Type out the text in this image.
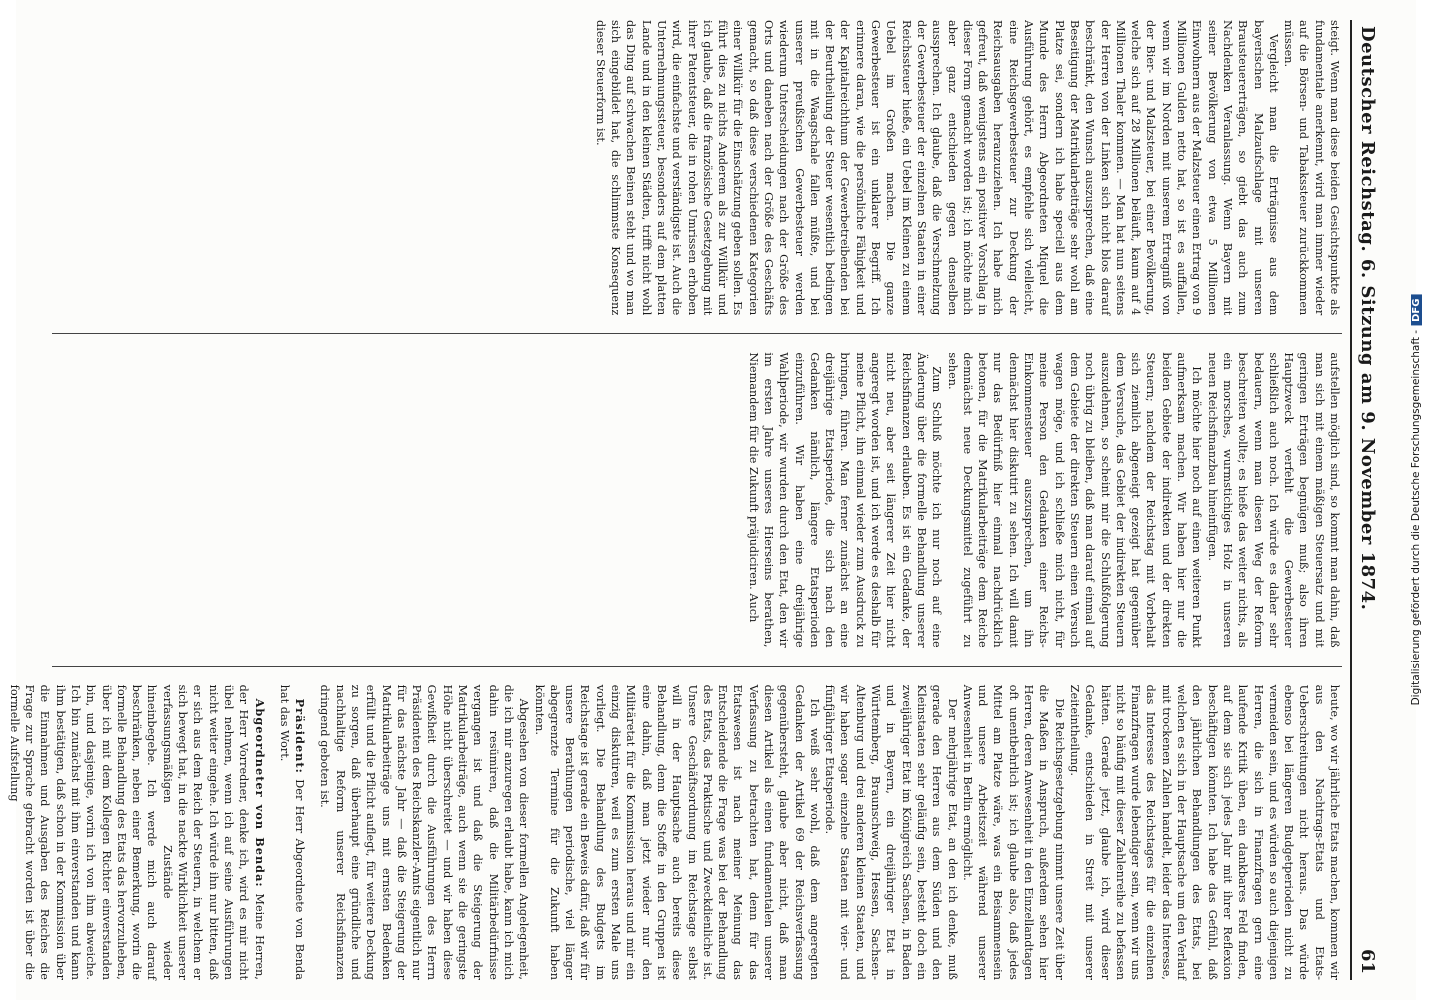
Deutscher Reichstag. 6. Sitzung am 9. November 1874.
61

steigt. Wenn man diese beiden Gesichtspunkte als fundamentale anerkennt, wird man immer wieder auf die Börsen- und Tabakssteuer zurückkommen müssen.

Vergleicht man die Erträgnisse aus dem bayerischen Malzaufschlage mit unseren Brausteuererträgen, so giebt das auch zum Nachdenken Veranlassung. Wenn Bayern mit seiner Bevölkerung von etwa 5 Millionen Einwohnern aus der Malzsteuer einen Ertrag von 9 Millionen Gulden netto hat, so ist es auffallen, wenn wir im Norden mit unserem Ertragniß von der Bier- und Malzsteuer, bei einer Bevölkerung, welche sich auf 28 Millionen beläuft, kaum auf 4 Millionen Thaler kommen. — Man hat nun seitens der Herren von der Linken sich nicht blos darauf beschränkt, den Wunsch auszusprechen, daß eine Beseitigung der Matrikularbeiträge sehr wohl am Platze sei, sondern ich habe speciell aus dem Munde des Herrn Abgeordneten Miquel die Ausführung gehört, es empfehle sich vielleicht, eine Reichsgewerbesteuer zur Deckung der Reichsausgaben heranzuziehen. Ich habe mich gefreut, daß wenigstens ein positiver Vorschlag in dieser Form gemacht worden ist; ich möchte mich aber ganz entschieden gegen denselben aussprechen. Ich glaube, daß die Verschmelzung der Gewerbesteuer der einzelnen Staaten in einer Reichssteuer hieße, ein Uebel im Kleinen zu einem Uebel im Großen machen. Die ganze Gewerbesteuer ist ein unklarer Begriff. Ich erinnere daran, wie die persönliche Fähigkeit und der Kapitalreichthum der Gewerbetreibenden bei der Beurtheilung der Steuer wesentlich bedingen mit in die Waagschale fallen müßte, und bei unserer preußischen Gewerbesteuer werden wiederum Unterscheidungen nach der Größe des Orts und daneben nach der Größe des Geschäfts gemacht, so daß diese verschiedenen Kategorien einer Willkür für die Einschätzung geben sollen. Es führt dies zu nichts Anderem als zur Willkür und ich glaube, daß die französische Gesetzgebung mit ihrer Patentsteuer, die in rohen Umrissen erhoben wird, die einfachste und verständigste ist. Auch die Unternehmungssteuer, besonders auf dem platten Lande und in den kleinen Städten, trifft nicht wohl das Ding auf schwachen Beinen steht und wo man sich eingebildet hat, die schlimmste Konsequenz dieser Steuerform ist.

aufstellen möglich sind, so kommt man dahin, daß man sich mit einem mäßigen Steuersatz und mit geringen Erträgen begnügen muß; also ihren Hauptzweck verfehlt die Gewerbesteuer schließlich auch noch. Ich würde es daher sehr bedauern, wenn man diesen Weg der Reform beschreiten wollte; es hieße das weiter nichts, als ein morsches, wurmstichiges Holz in unseren neuen Reichsfinanzbau hineinfügen.

Ich möchte hier noch auf einen weiteren Punkt aufmerksam machen. Wir haben hier nur die beiden Gebiete der indirekten und der direkten Steuern; nachdem der Reichstag mit Vorbehalt sich ziemlich abgeneigt gezeigt hat gegenüber dem Versuche, das Gebiet der indirekten Steuern auszudehnen, so scheint mir die Schlußfolgerung noch übrig zu bleiben, daß man darauf einmal auf dem Gebiete der direkten Steuern einen Versuch wagen möge, und ich schließe mich nicht, für meine Person den Gedanken einer Reichs-Einkommensteuer auszusprechen, um ihn dennächst hier diskutirt zu sehen. Ich will damit nur das Bedürfniß hier einmal nachdrücklich betonen, für die Matrikularbeiträge dem Reiche demnächst neue Deckungsmittel zugeführt zu sehen.

Zum Schluß möchte ich nur noch auf eine Änderung über die formelle Behandlung unserer Reichsfinanzen erlauben. Es ist ein Gedanke, der nicht neu, aber seit längerer Zeit hier nicht angeregt worden ist, und ich werde es deshalb für meine Pflicht, ihn einmal wieder zum Ausdruck zu bringen, führen. Man ferner zunächst an eine dreijährige Etatsperiode, die sich nach den Gedanken nämlich, längere Etatsperioden einzuführen. Wir haben eine dreijährige Wahlperiode, wir wurden durch den Etat, den wir im ersten Jahre unseres Hierseins berathen, Niemandem für die Zukunft präjudiciren. Auch

heute, wo wir jährliche Etats machen, kommen wir aus den Nachtrags-Etats und Etats-Ueberschreitungen nicht heraus. Das würde ebenso bei längeren Budgetperioden nicht zu vermeiden sein, und es würden so auch diejenigen Herren, die sich in Finanzfragen gern eine laufende Kritik üben, ein dankbares Feld finden, auf dem sie sich jedes Jahr mit ihrer Reflexion beschäftigen könnten. Ich habe das Gefühl, daß den jährlichen Behandlungen des Etats, bei welchen es sich in der Hauptsache um den Verlauf mit trockenen Zahlen handelt, leider das Interesse, das Interesse des Reichstages für die einzelnen Finanzfragen wurde lebendiger sein, wenn wir uns nicht so häufig mit dieser Zahlenreihe zu befassen hätten. Gerade jetzt, glaube ich, wird dieser Gedanke, entschieden in Streit mit unserer Zeiteintheilung.

Die Reichsgesetzgebung nimmt unsere Zeit über die Maßen in Anspruch, außerdem sehen hier Herren, deren Anwesenheit in den Einzellandtagen oft unentbehrlich ist; ich glaube also, daß jedes Mittel am Platze wäre, was ein Beisammensein und unsere Arbeitszeit während unserer Anwesenheit in Berlin ermöglicht.

Der mehrjährige Etat, an den ich denke, muß gerade den Herren aus dem Süden und den Kleinstaaten sehr geläufig sein, besteht doch ein zweijähriger Etat im Königreich Sachsen, in Baden und in Bayern, ein dreijähriger Etat in Württemberg, Braunschweig, Hessen, Sachsen-Altenburg und drei anderen kleinen Staaten, und wir haben sogar einzelne Staaten mit vier- und fünfjähriger Etatsperiode.

Ich weiß sehr wohl, daß dem angeregten Gedanken der Artikel 69 der Reichsverfassung gegenübersteht, glaube aber nicht, daß man diesen Artikel als einen fundamentalen unserer Verfassung zu betrachten hat, denn für das Etatswesen ist nach meiner Meinung das Entscheidende die Frage was bei der Behandlung des Etats, das Praktische und Zweckdienliche ist. Unsere Geschäftsordnung im Reichstage selbst will in der Hauptsache auch bereits diese Behandlung, denn die Stoffe in den Gruppen ist eine dahin, daß man jetzt wieder nur den Militäretat für die Kommission heraus und mir ein einzig diskutiren, weil es zum ersten Male uns vorliegt. Die Behandlung des Budgets im Reichstage ist gerade ein Beweis dafür, daß wir für unsere Berathungen periodische, viel länger abgegrenzte Termine für die Zukunft haben könnten.

Abgesehen von dieser formellen Angelegenheit, die ich mir anzuregen erlaubt habe, kann ich mich dahin resümiren, daß die Militärbedürfnisse vergangen ist und daß die Steigerung der Matrikularbeiträge, auch wenn sie die geringste Höhe nicht überschreitet — und wir haben diese Gewißheit durch die Ausführungen des Herrn Präsidenten des Reichskanzler-Amts eigentlich nur für das nächste Jahr — daß die Steigerung der Matrikularbeiträge uns mit ernsten Bedenken erfüllt und die Pflicht auflegt, für weitere Deckung zu sorgen, daß überhaupt eine gründliche und nachhaltige Reform unserer Reichsfinanzen dringend geboten ist.

Präsident: Der Herr Abgeordnete von Benda hat das Wort.

Abgeordneter von Benda: Meine Herren, der Herr Vorredner, denke ich, wird es mir nicht übel nehmen, wenn ich auf seine Ausführungen nicht weiter eingehe. Ich würde ihn nur bitten, daß er sich aus dem Reich der Steuern, in welchem er sich bewegt hat, in die nackte Wirklichkeit unserer verfassungsmäßigen Zustände wieder hineinbegebe. Ich werde mich auch darauf beschränken, neben einer Bemerkung, worin die formelle Behandlung des Etats das hervorzuheben, über ich mit dem Kollegen Richter einverstanden bin, und dasjenige, worin ich von ihm abweiche. Ich bin zunächst mit ihm einverstanden und kann ihm bestätigen, daß schon in der Kommission über die Einnahmen und Ausgaben des Reiches die Frage zur Sprache gebracht worden ist über die formelle Aufstellung

Digitalisierung gefördert durch die Deutsche Forschungsgemeinschaft -DFG
